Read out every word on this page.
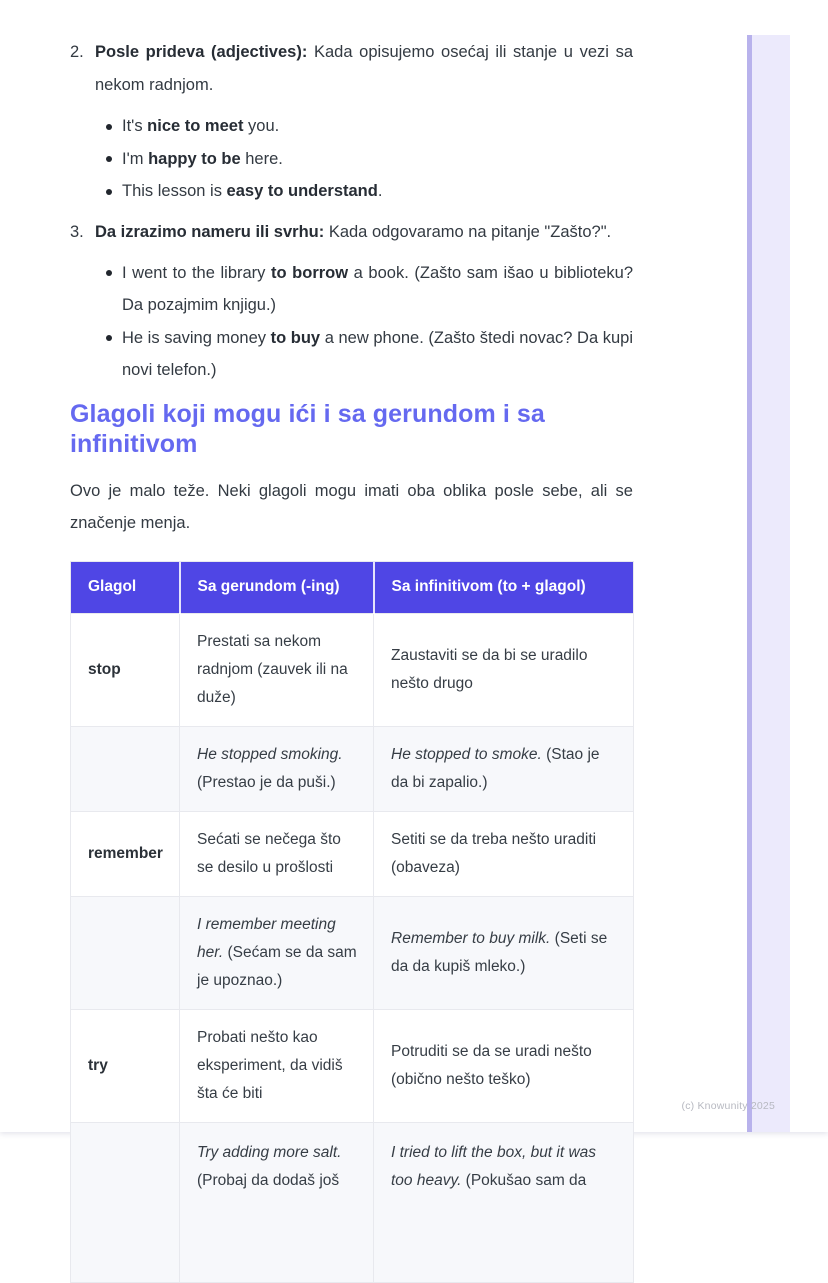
2. Posle prideva (adjectives): Kada opisujemo osećaj ili stanje u vezi sa nekom radnjom.
It's nice to meet you.
I'm happy to be here.
This lesson is easy to understand.
3. Da izrazimo nameru ili svrhu: Kada odgovaramo na pitanje "Zašto?".
I went to the library to borrow a book. (Zašto sam išao u biblioteku? Da pozajmim knjigu.)
He is saving money to buy a new phone. (Zašto štedi novac? Da kupi novi telefon.)
Glagoli koji mogu ići i sa gerundom i sa infinitivom

Ovo je malo teže. Neki glagoli mogu imati oba oblika posle sebe, ali se značenje menja.

Glagol	Sa gerundom (-ing)	Sa infinitivom (to + glagol)
stop	Prestati sa nekom radnjom (zauvek ili na duže)	Zaustaviti se da bi se uradilo nešto drugo
	He stopped smoking. (Prestao je da puši.)	He stopped to smoke. (Stao je da bi zapalio.)
remember	Sećati se nečega što se desilo u prošlosti	Setiti se da treba nešto uraditi (obaveza)
	I remember meeting her. (Sećam se da sam je upoznao.)	Remember to buy milk. (Seti se da da kupiš mleko.)
try	Probati nešto kao eksperiment, da vidiš šta će biti	Potruditi se da se uradi nešto (obično nešto teško)
	Try adding more salt. (Probaj da dodaš još	I tried to lift the box, but it was too heavy. (Pokušao sam da
(c) Knowunity 2025
